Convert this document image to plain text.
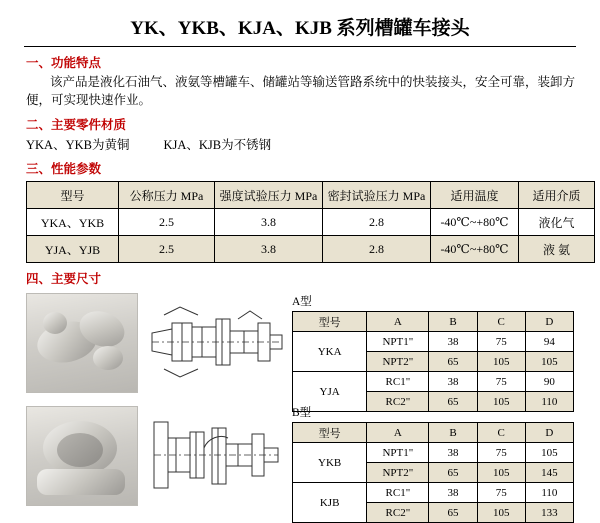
YK、YKB、KJA、KJB 系列槽罐车接头
一、功能特点
该产品是液化石油气、液氨等槽罐车、储罐站等输送管路系统中的快装接头，安全可靠，装卸方便，可实现快速作业。
二、主要零件材质
YKA、YKB为黄铜	KJA、KJB为不锈钢
三、性能参数
型号	公称压力 MPa	强度试验压力 MPa	密封试验压力 MPa	适用温度	适用介质
YKA、YKB	2.5	3.8	2.8	-40℃~+80℃	液化气
YJA、YJB	2.5	3.8	2.8	-40℃~+80℃	液 氨
四、主要尺寸
A型
型号	A	B	C	D
YKA	NPT1"	38	75	94
	NPT2"	65	105	105
YJA	RC1"	38	75	90
	RC2"	65	105	110
B型
型号	A	B	C	D
YKB	NPT1"	38	75	105
	NPT2"	65	105	145
KJB	RC1"	38	75	110
	RC2"	65	105	133
